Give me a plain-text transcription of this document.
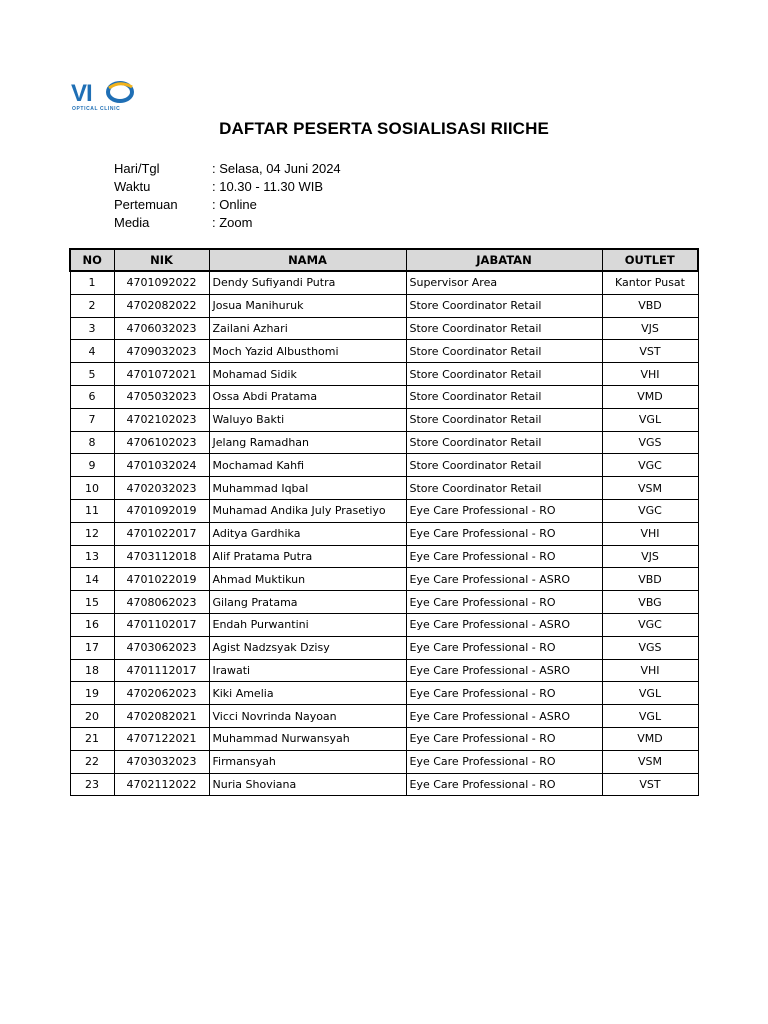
VI
OPTICAL CLINIC
DAFTAR PESERTA SOSIALISASI RIICHE
Hari/Tgl	: Selasa, 04 Juni 2024
Waktu	: 10.30 - 11.30 WIB
Pertemuan	: Online
Media	: Zoom
NO	NIK	NAMA	JABATAN	OUTLET
1	4701092022	Dendy Sufiyandi Putra	Supervisor Area	Kantor Pusat
2	4702082022	Josua Manihuruk	Store Coordinator Retail	VBD
3	4706032023	Zailani Azhari	Store Coordinator Retail	VJS
4	4709032023	Moch Yazid Albusthomi	Store Coordinator Retail	VST
5	4701072021	Mohamad Sidik	Store Coordinator Retail	VHI
6	4705032023	Ossa Abdi Pratama	Store Coordinator Retail	VMD
7	4702102023	Waluyo Bakti	Store Coordinator Retail	VGL
8	4706102023	Jelang Ramadhan	Store Coordinator Retail	VGS
9	4701032024	Mochamad Kahfi	Store Coordinator Retail	VGC
10	4702032023	Muhammad Iqbal	Store Coordinator Retail	VSM
11	4701092019	Muhamad Andika July Prasetiyo	Eye Care Professional - RO	VGC
12	4701022017	Aditya Gardhika	Eye Care Professional - RO	VHI
13	4703112018	Alif Pratama Putra	Eye Care Professional - RO	VJS
14	4701022019	Ahmad Muktikun	Eye Care Professional - ASRO	VBD
15	4708062023	Gilang Pratama	Eye Care Professional - RO	VBG
16	4701102017	Endah Purwantini	Eye Care Professional - ASRO	VGC
17	4703062023	Agist Nadzsyak Dzisy	Eye Care Professional - RO	VGS
18	4701112017	Irawati	Eye Care Professional - ASRO	VHI
19	4702062023	Kiki Amelia	Eye Care Professional - RO	VGL
20	4702082021	Vicci Novrinda Nayoan	Eye Care Professional - ASRO	VGL
21	4707122021	Muhammad Nurwansyah	Eye Care Professional - RO	VMD
22	4703032023	Firmansyah	Eye Care Professional - RO	VSM
23	4702112022	Nuria Shoviana	Eye Care Professional - RO	VST
